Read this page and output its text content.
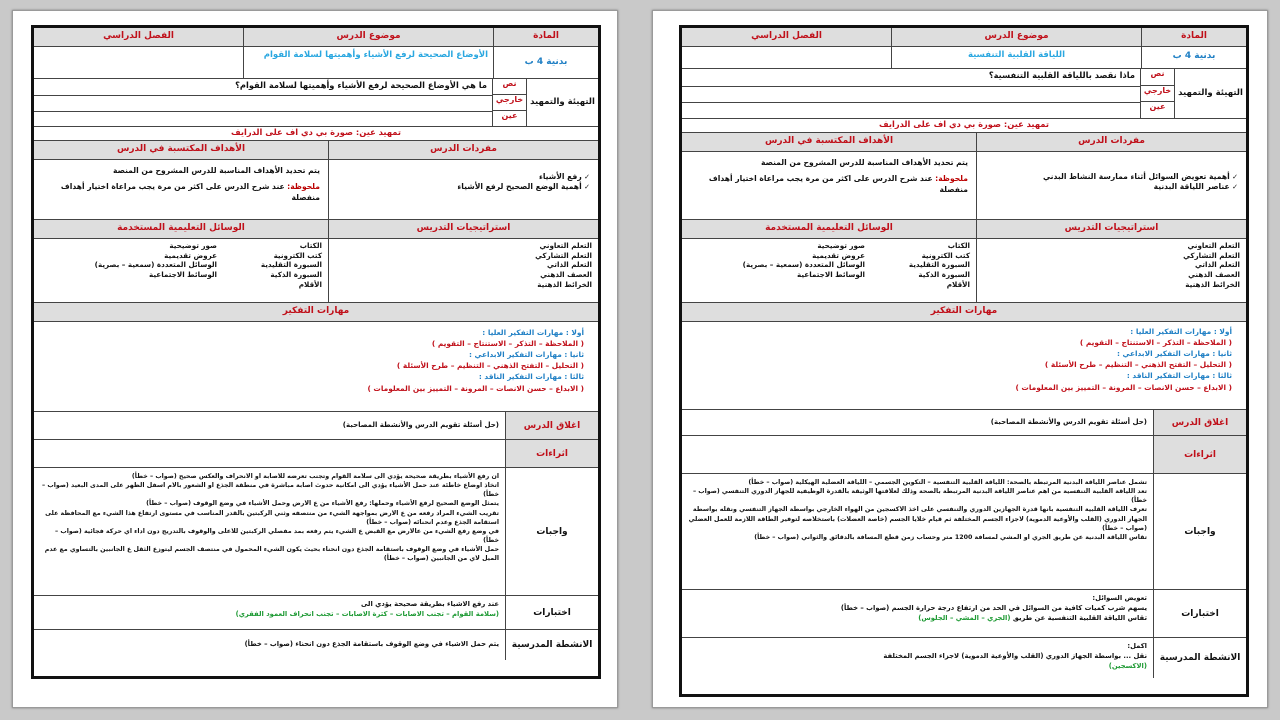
المادة
موضوع الدرس
الفصل الدراسي
بدنية 4 ب
الأوضاع الصحيحة لرفع الأشياء وأهميتها لسلامة القوام
التهيئة والتمهيد
نص
خارجي
عين
ما هي الأوضاع الصحيحة لرفع الأشياء وأهميتها لسلامة القوام؟
تمهيد عين: صورة بي دي اف على الدرايف
مفردات الدرس
الأهداف المكتسبة في الدرس
✓ رفع الأشياء
✓ أهمية الوضع الصحيح لرفع الأشياء
يتم تحديد الأهداف المناسبة للدرس المشروح من المنصة
ملحوظة: عند شرح الدرس على اكثر من مرة يجب مراعاة اختيار أهداف منفصلة
استراتيجيات التدريس
الوسائل التعليمية المستخدمة
التعلم التعاوني
التعلم التشاركي
التعلم الذاتي
العصف الذهني
الخرائط الذهنية
الكتاب
كتب الكترونية
السبورة التقليدية
السبورة الذكية
الأقلام
صور توضيحية
عروض تقديمية
الوسائل المتعددة (سمعية – بصرية)
الوسائط الاجتماعية
مهارات التفكير
أولا : مهارات التفكير العليا :
( الملاحظة – التذكر – الاستنتاج – التقويم )
ثانيا : مهارات التفكير الابداعي :
( التحليل – التفتح الذهني – التنظيم – طرح الأسئلة )
ثالثا : مهارات التفكير الناقد :
( الابداع – حسن الانصات – المرونة – التمييز بين المعلومات )
اغلاق الدرس
(حل أسئلة تقويم الدرس والأنشطة المصاحبة)
اثراءات
واجبات
ان رفع الأشياء بطريقة صحيحة يؤدي الى سلامة القوام وتجنب تعرضه للاصابة او الانحراف والعكس صحيح (صواب – خطأ)
اتخاذ اوضاع خاطئة عند حمل الأشياء يؤدي الى امكانية حدوث اصابة مباشرة في منطقة الجذع او الشعور بالام اسفل الظهر على المدى البعيد (صواب – خطأ)
يتمثل الوضع الصحيح لرفع الأشياء وحملها: رفع الأشياء من ع الارض وحمل الأشياء في وضع الوقوف (صواب – خطأ)
تقريب الشيء المراد رفعه من ع الارض بمواجهة الشيء من منتصفه وثني الركبتين بالقدر المناسب في مستوى ارتفاع هذا الشيء مع المحافظة على استقامة الجذع وعدم انحنائه (صواب – خطأ)
في وضع رفع الشيء من عالارض مع القبض ع الشيء يتم رفعه بمد مفصلي الركبتين للاعلى والوقوف بالتدريج دون اداء اي حركة فجائية (صواب – خطأ)
حمل الأشياء في وضع الوقوف باستقامة الجذع دون انحناء بحيث يكون الشيء المحمول في منتصف الجسم ليتوزع الثقل ع الجانبين بالتساوي مع عدم الميل لاي من الجانبين (صواب – خطأ)
اختبارات
عند رفع الاشياء بطريقة صحيحة يؤدي الى
(سلامة القوام – تجنب الاصابات – كثرة الاصابات – تجنب انحراف العمود الفقري)
الانشطة المدرسية
يتم حمل الاشياء في وضع الوقوف باستقامة الجذع دون انحناء (صواب – خطأ)
المادة
موضوع الدرس
الفصل الدراسي
بدنية 4 ب
اللياقة القلبية التنفسية
التهيئة والتمهيد
نص
خارجي
عين
ماذا نقصد باللياقة القلبية التنفسية؟
تمهيد عين: صورة بي دي اف على الدرايف
مفردات الدرس
الأهداف المكتسبة في الدرس
✓ أهمية تعويض السوائل أثناء ممارسة النشاط البدني
✓ عناصر اللياقة البدنية
يتم تحديد الأهداف المناسبة للدرس المشروح من المنصة
ملحوظة: عند شرح الدرس على اكثر من مرة يجب مراعاة اختيار أهداف منفصلة
استراتيجيات التدريس
الوسائل التعليمية المستخدمة
التعلم التعاوني
التعلم التشاركي
التعلم الذاتي
العصف الذهني
الخرائط الذهنية
الكتاب
كتب الكترونية
السبورة التقليدية
السبورة الذكية
الأقلام
صور توضيحية
عروض تقديمية
الوسائل المتعددة (سمعية – بصرية)
الوسائط الاجتماعية
مهارات التفكير
أولا : مهارات التفكير العليا :
( الملاحظة – التذكر – الاستنتاج – التقويم )
ثانيا : مهارات التفكير الابداعي :
( التحليل – التفتح الذهني – التنظيم – طرح الأسئلة )
ثالثا : مهارات التفكير الناقد :
( الابداع – حسن الانصات – المرونة – التمييز بين المعلومات )
اغلاق الدرس
(حل أسئلة تقويم الدرس والأنشطة المصاحبة)
اثراءات
واجبات
تشمل عناصر اللياقة البدنية المرتبطة بالصحة: اللياقة القلبية التنفسية – التكوين الجسمي – اللياقة العضلية الهيكلية (صواب – خطأ)
تعد اللياقة القلبية التنفسية من اهم عناصر اللياقة البدنية المرتبطة بالصحة وذلك لعلاقتها الوثيقة بالقدرة الوظيفية للجهاز الدوري التنفسي (صواب – خطأ)
تعرف اللياقة القلبية التنفسية بانها قدرة الجهازين الدوري والتنفسي على اخذ الاكسجين من الهواء الخارجي بواسطة الجهاز التنفسي ونقله بواسطة الجهاز الدوري (القلب والأوعية الدموية) لاجزاء الجسم المختلفة ثم قيام خلايا الجسم (خاصة العضلات) باستخلاصه لتوفير الطاقة اللازمة للعمل العضلي (صواب – خطأ)
تقاس اللياقة البدنية عن طريق الجري او المشي لمسافة 1200 متر وحساب زمن قطع المسافة بالدقائق والثواني (صواب – خطأ)
اختبارات
تعويض السوائل:
يسهم شرب كميات كافية من السوائل في الحد من ارتفاع درجة حرارة الجسم (صواب – خطأ)
تقاس اللياقة القلبية التنفسية عن طريق (الجري – المشي – الجلوس)
الانشطة المدرسية
اكمل:
نقل ... بواسطة الجهاز الدوري (القلب والأوعية الدموية) لاجزاء الجسم المختلفة
(الاكسجين)
